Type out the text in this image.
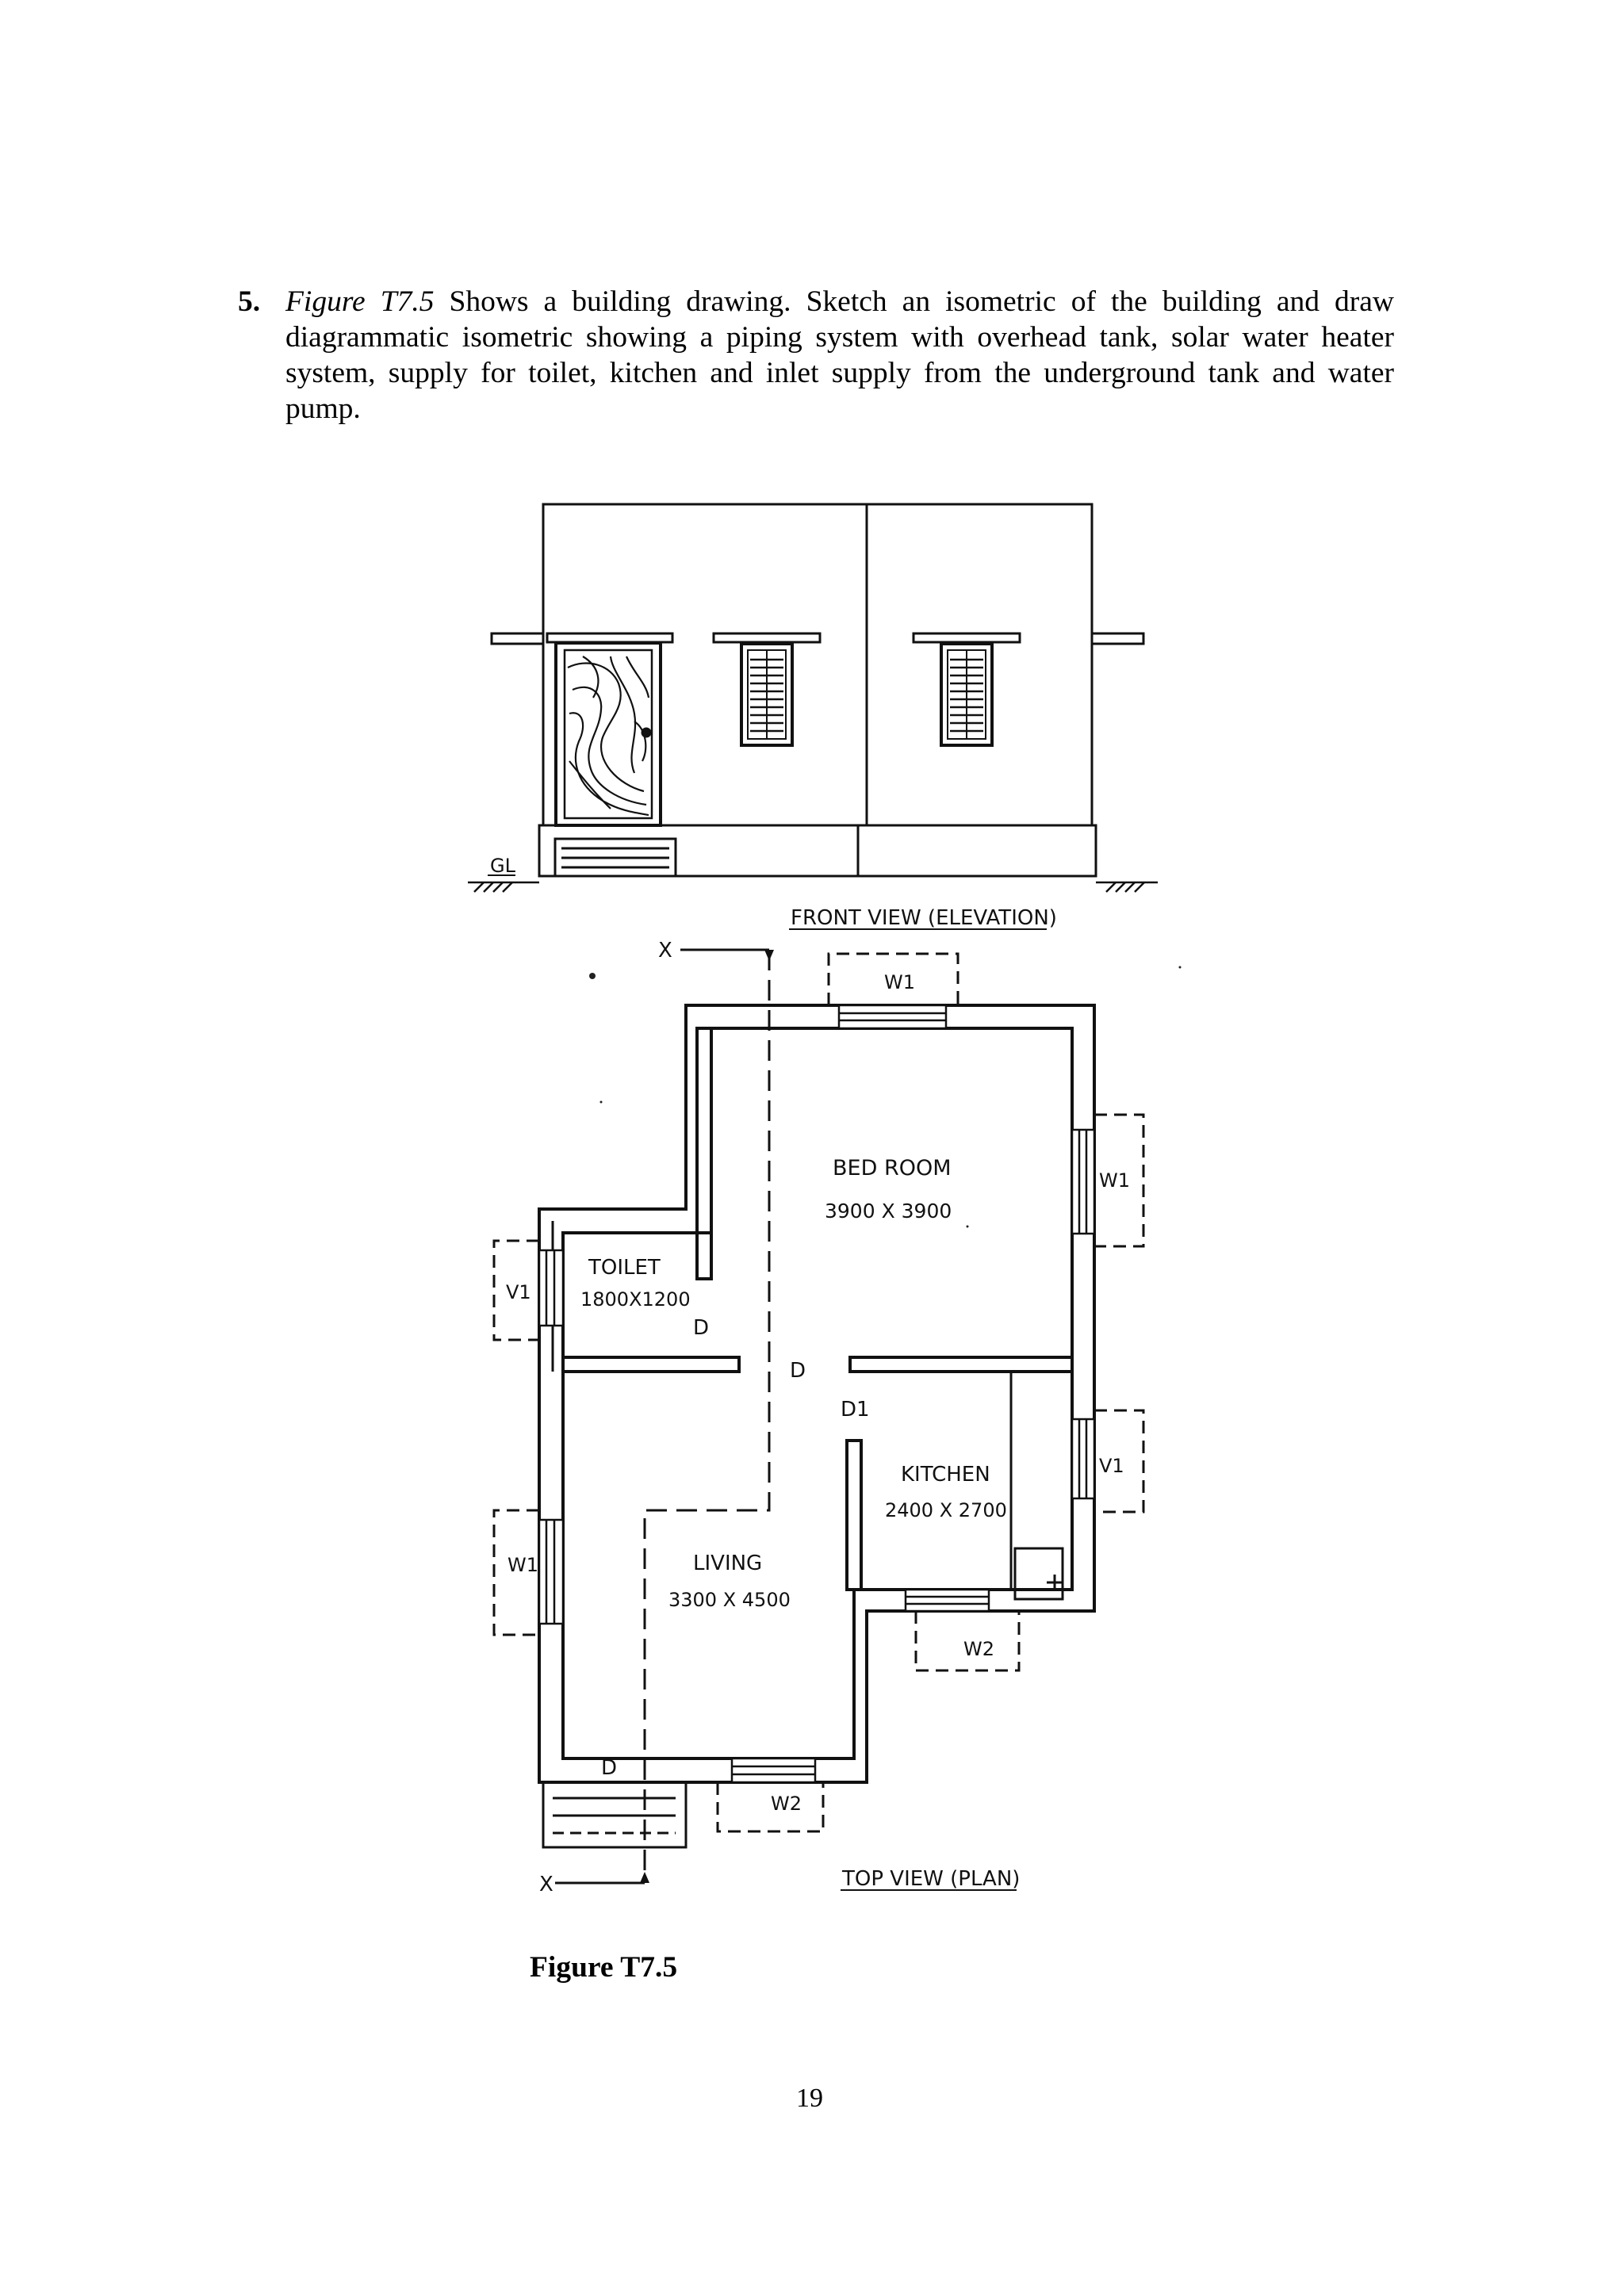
5. Figure T7.5 Shows a building drawing. Sketch an isometric of the building and draw diagrammatic isometric showing a piping system with overhead tank, solar water heater system, supply for toilet, kitchen and inlet supply from the underground tank and water pump.
GL
FRONT VIEW (ELEVATION)
X
X
BED ROOM
3900 X 3900
TOILET
1800X1200
KITCHEN
2400 X 2700
LIVING
3300 X 4500
D
D
D1
D
W1
W1
V1
V1
W1
W2
W2
TOP VIEW (PLAN)
Figure T7.5
19
